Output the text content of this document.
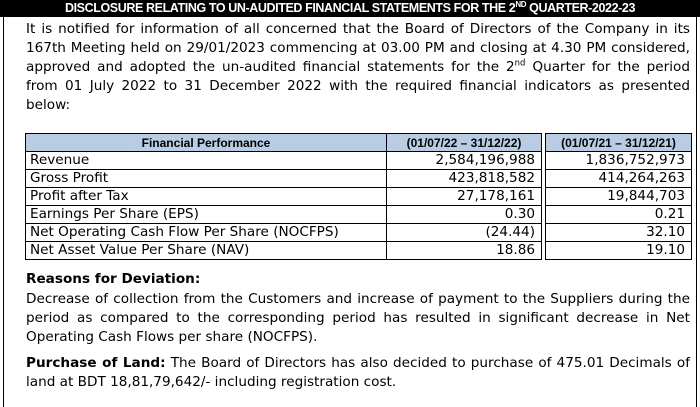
DISCLOSURE RELATING TO UN-AUDITED FINANCIAL STATEMENTS FOR THE 2ND QUARTER-2022-23
It is notified for information of all concerned that the Board of Directors of the Company in its 167th Meeting held on 29/01/2023 commencing at 03.00 PM and closing at 4.30 PM considered, approved and adopted the un-audited financial statements for the 2nd Quarter for the period from 01 July 2022 to 31 December 2022 with the required financial indicators as presented below:
Financial Performance	(01/07/22 – 31/12/22)		(01/07/21 – 31/12/21)
Revenue	2,584,196,988		1,836,752,973
Gross Profit	423,818,582		414,264,263
Profit after Tax	27,178,161		19,844,703
Earnings Per Share (EPS)	0.30		0.21
Net Operating Cash Flow Per Share (NOCFPS)	(24.44)		32.10
Net Asset Value Per Share (NAV)	18.86		19.10
Reasons for Deviation:
Decrease of collection from the Customers and increase of payment to the Suppliers during the period as compared to the corresponding period has resulted in significant decrease in Net Operating Cash Flows per share (NOCFPS).
Purchase of Land: The Board of Directors has also decided to purchase of 475.01 Decimals of land at BDT 18,81,79,642/- including registration cost.
